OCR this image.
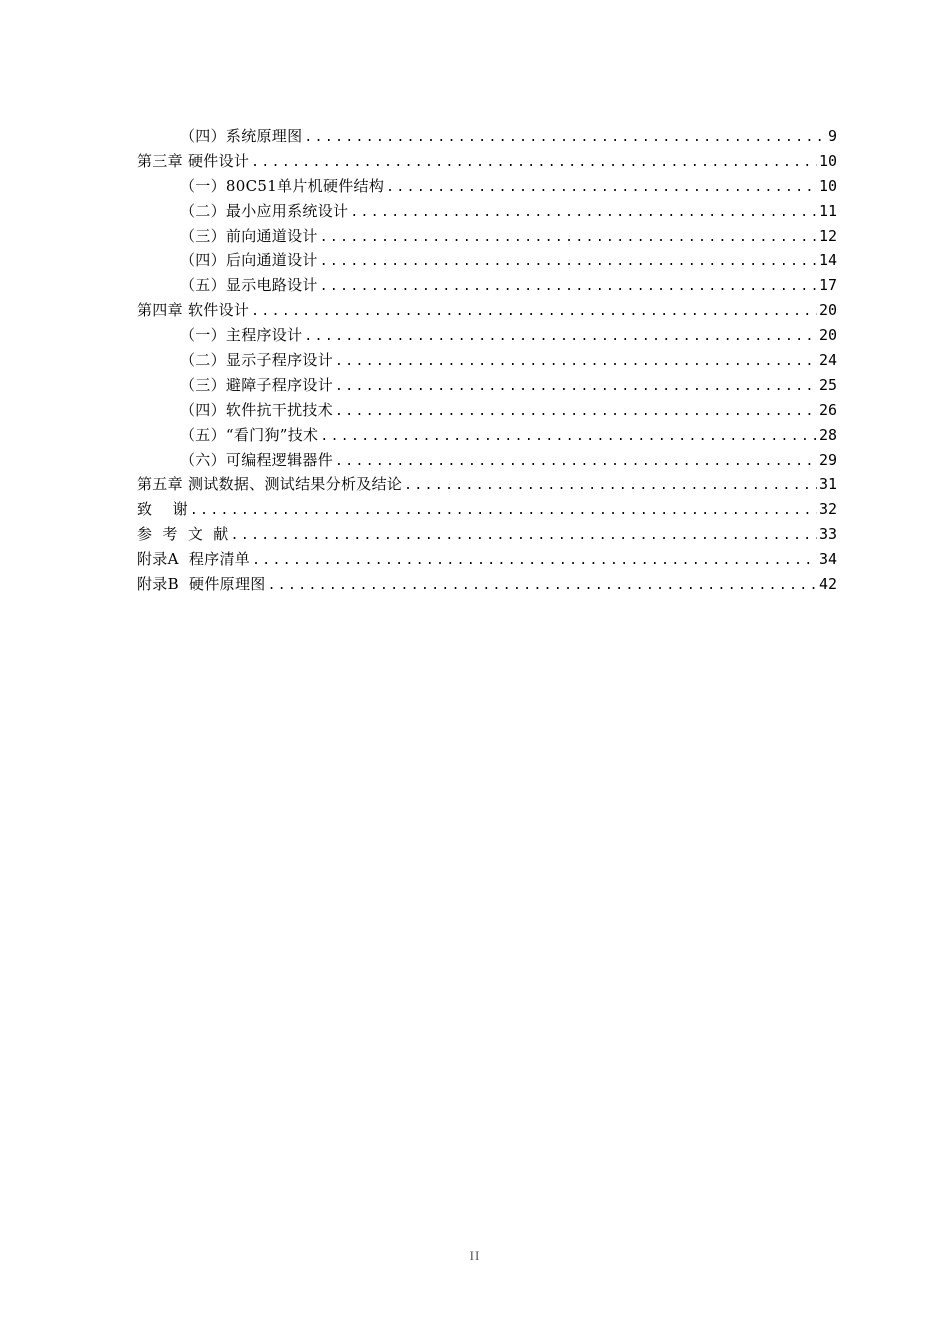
（四）系统原理图 .....	9
第三章 硬件设计 .....	10
（一）80C51单片机硬件结构 .....	10
（二）最小应用系统设计 .....	11
（三）前向通道设计 .....	12
（四）后向通道设计 .....	14
（五）显示电路设计 .....	17
第四章 软件设计 .....	20
（一）主程序设计 .....	20
（二）显示子程序设计 .....	24
（三）避障子程序设计 .....	25
（四）软件抗干扰技术 .....	26
（五）“看门狗”技术 .....	28
（六）可编程逻辑器件 .....	29
第五章 测试数据、测试结果分析及结论 .....	31
致    谢 .....	32
参  考  文  献 .....	33
附录A  程序清单 .....	34
附录B  硬件原理图 .....	42
II
